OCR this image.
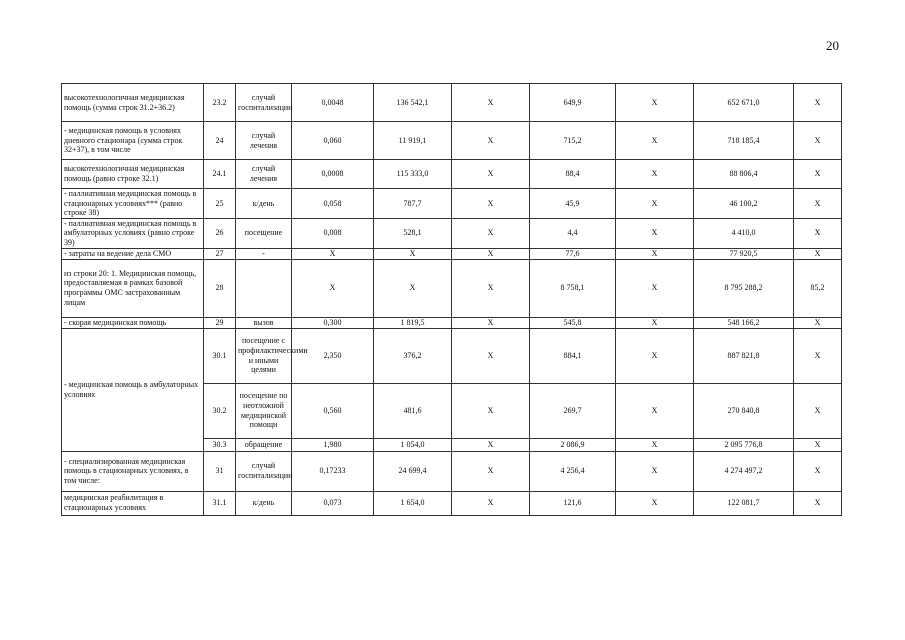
20
высокотехнологичная медицинская помощь (сумма строк 31.2+36.2)	23.2	случай госпитализации	0,0048	136 542,1	X	649,9	X	652 671,0	X
- медицинская помощь в условиях дневного стационара (сумма строк 32+37), в том числе	24	случай лечения	0,060	11 919,1	X	715,2	X	718 185,4	X
высокотехнологичная медицинская помощь (равно строке 32.1)	24.1	случай лечения	0,0008	115 333,0	X	88,4	X	88 806,4	X
- паллиативная медицинская помощь в стационарных условиях*** (равно строке 38)	25	к/день	0,058	787,7	X	45,9	X	46 100,2	X
- паллиативная медицинская помощь в амбулаторных условиях (равно строке 39)	26	посещение	0,008	528,1	X	4,4	X	4 410,0	X
- затраты на ведение дела СМО	27	-	X	X	X	77,6	X	77 920,5	X
из строки 20: 1. Медицинская помощь, предоставляемая в рамках базовой программы ОМС застрахованным лицам	28		X	X	X	8 758,1	X	8 795 288,2	85,2
- скорая медицинская помощь	29	вызов	0,300	1 819,5	X	545,8	X	548 166,2	X
- медицинская помощь в амбулаторных условиях	30.1	посещение с профилактическими и иными целями	2,350	376,2	X	884,1	X	887 821,8	X
	30.2	посещение по неотложной медицинской помощи	0,560	481,6	X	269,7	X	270 840,8	X
	30.3	обращение	1,980	1 054,0	X	2 086,9	X	2 095 776,8	X
- специализированная медицинская помощь в стационарных условиях, в том числе:	31	случай госпитализации	0,17233	24 699,4	X	4 256,4	X	4 274 497,2	X
медицинская реабилитация в стационарных условиях	31.1	к/день	0,073	1 654,0	X	121,6	X	122 081,7	X
